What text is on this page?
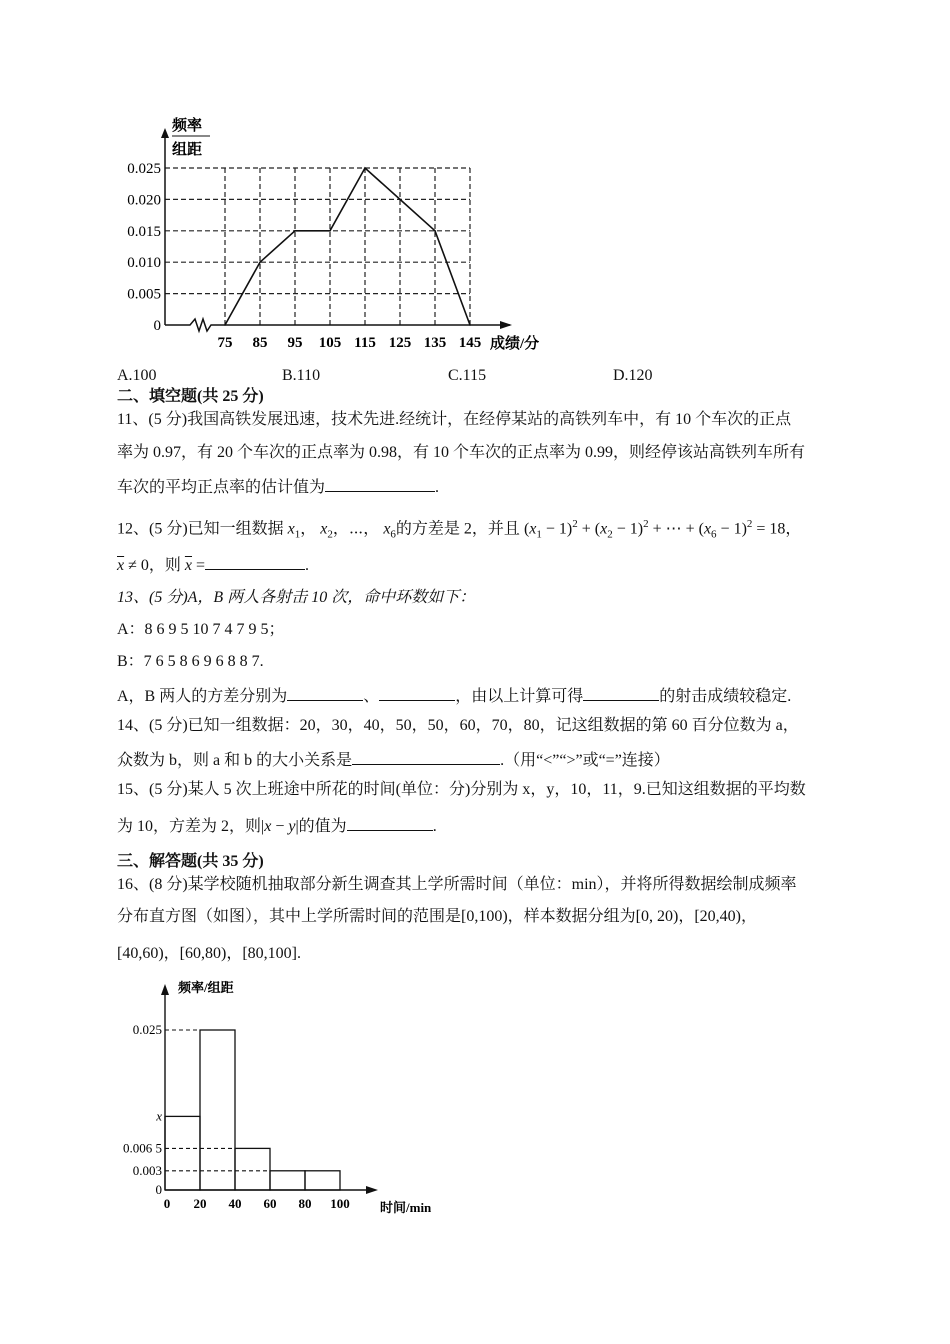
0
0.005
0.010
0.015
0.020
0.025
75 85 95 105 115 125 135 145
频率
组距
成绩/分
A.100	B.110	C.115	D.120
二、填空题(共 25 分)
11、(5 分)我国高铁发展迅速，技术先进.经统计，在经停某站的高铁列车中，有 10 个车次的正点
率为 0.97，有 20 个车次的正点率为 0.98，有 10 个车次的正点率为 0.99，则经停该站高铁列车所有
车次的平均正点率的估计值为	.
12、(5 分)已知一组数据 $x_1$， $x_2$，⋯， $x_6$的方差是 2，并且 $(x_1 - 1)^2 + (x_2 - 1)^2$ + ⋯ + $(x_6 - 1)^2 = 18$，
$\overline{x} \ne 0$，则 $\overline{x}$ =	.
13、(5 分)A，B 两人各射击 10 次，命中环数如下：
A：8 6 9 5 10 7 4 7 9 5；
B：7 6 5 8 6 9 6 8 8 7.
A，B 两人的方差分别为	、	，由以上计算可得	的射击成绩较稳定.
14、(5 分)已知一组数据：20，30，40，50，50，60，70，80，记这组数据的第 60 百分位数为 a，
众数为 b，则 a 和 b 的大小关系是	.（用“<”“>”或“=”连接）
15、(5 分)某人 5 次上班途中所花的时间(单位：分)分别为 x，y，10，11，9.已知这组数据的平均数
为 10，方差为 2，则|x − y|的值为	.
三、解答题(共 35 分)
16、(8 分)某学校随机抽取部分新生调查其上学所需时间（单位：min），并将所得数据绘制成频率
分布直方图（如图），其中上学所需时间的范围是[0,100)，样本数据分组为[0, 20)，[20,40)，
[40,60)，[60,80)，[80,100].
0
0.003
0.006 5
x
0.025
0 20 40 60 80 100
频率/组距
时间/min
